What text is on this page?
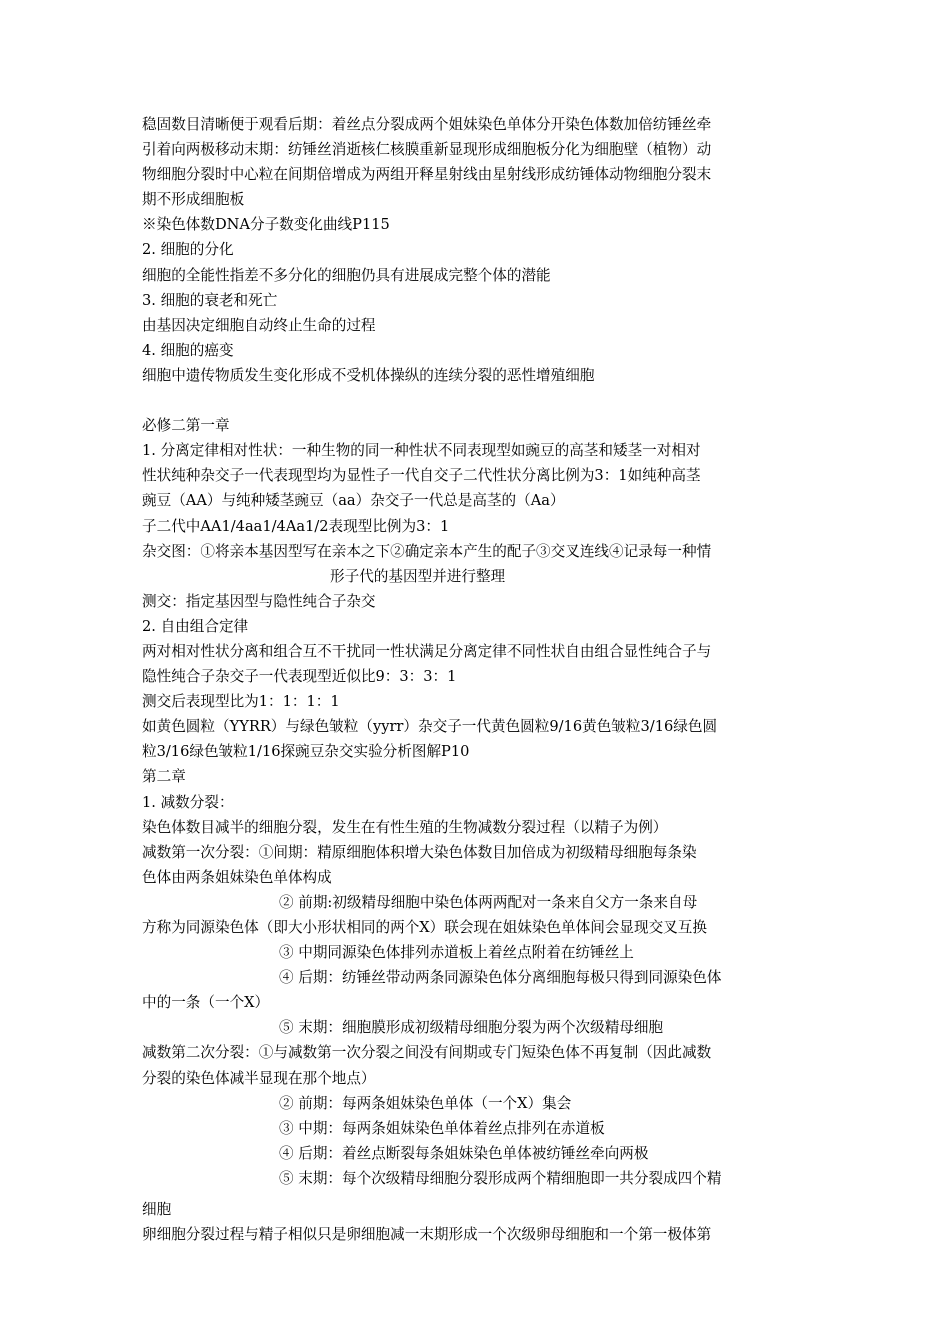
稳固数目清晰便于观看后期：着丝点分裂成两个姐妹染色单体分开染色体数加倍纺锤丝牵

引着向两极移动末期：纺锤丝消逝核仁核膜重新显现形成细胞板分化为细胞壁（植物）动

物细胞分裂时中心粒在间期倍增成为两组开释星射线由星射线形成纺锤体动物细胞分裂末

期不形成细胞板

※染色体数DNA分子数变化曲线P115

2. 细胞的分化

细胞的全能性指差不多分化的细胞仍具有进展成完整个体的潜能

3. 细胞的衰老和死亡

由基因决定细胞自动终止生命的过程

4. 细胞的癌变

细胞中遗传物质发生变化形成不受机体操纵的连续分裂的恶性增殖细胞

必修二第一章

1. 分离定律相对性状：一种生物的同一种性状不同表现型如豌豆的高茎和矮茎一对相对

性状纯种杂交子一代表现型均为显性子一代自交子二代性状分离比例为3：1如纯种高茎

豌豆（AA）与纯种矮茎豌豆（aa）杂交子一代总是高茎的（Aa）

子二代中AA1/4aa1/4Aa1/2表现型比例为3：1

杂交图：①将亲本基因型写在亲本之下②确定亲本产生的配子③交叉连线④记录每一种情

形子代的基因型并进行整理

测交：指定基因型与隐性纯合子杂交

2. 自由组合定律

两对相对性状分离和组合互不干扰同一性状满足分离定律不同性状自由组合显性纯合子与

隐性纯合子杂交子一代表现型近似比9：3：3：1

测交后表现型比为1：1：1：1

如黄色圆粒（YYRR）与绿色皱粒（yyrr）杂交子一代黄色圆粒9/16黄色皱粒3/16绿色圆

粒3/16绿色皱粒1/16探豌豆杂交实验分析图解P10

第二章

1. 减数分裂：

染色体数目减半的细胞分裂，发生在有性生殖的生物减数分裂过程（以精子为例）

减数第一次分裂：①间期：精原细胞体积增大染色体数目加倍成为初级精母细胞每条染

色体由两条姐妹染色单体构成

② 前期:初级精母细胞中染色体两两配对一条来自父方一条来自母

方称为同源染色体（即大小形状相同的两个X）联会现在姐妹染色单体间会显现交叉互换

③ 中期同源染色体排列赤道板上着丝点附着在纺锤丝上

④ 后期：纺锤丝带动两条同源染色体分离细胞每极只得到同源染色体

中的一条（一个X）

⑤ 末期：细胞膜形成初级精母细胞分裂为两个次级精母细胞

减数第二次分裂：①与减数第一次分裂之间没有间期或专门短染色体不再复制（因此减数

分裂的染色体减半显现在那个地点）

② 前期：每两条姐妹染色单体（一个X）集会

③ 中期：每两条姐妹染色单体着丝点排列在赤道板

④ 后期：着丝点断裂每条姐妹染色单体被纺锤丝牵向两极

⑤ 末期：每个次级精母细胞分裂形成两个精细胞即一共分裂成四个精

细胞

卵细胞分裂过程与精子相似只是卵细胞减一末期形成一个次级卵母细胞和一个第一极体第
